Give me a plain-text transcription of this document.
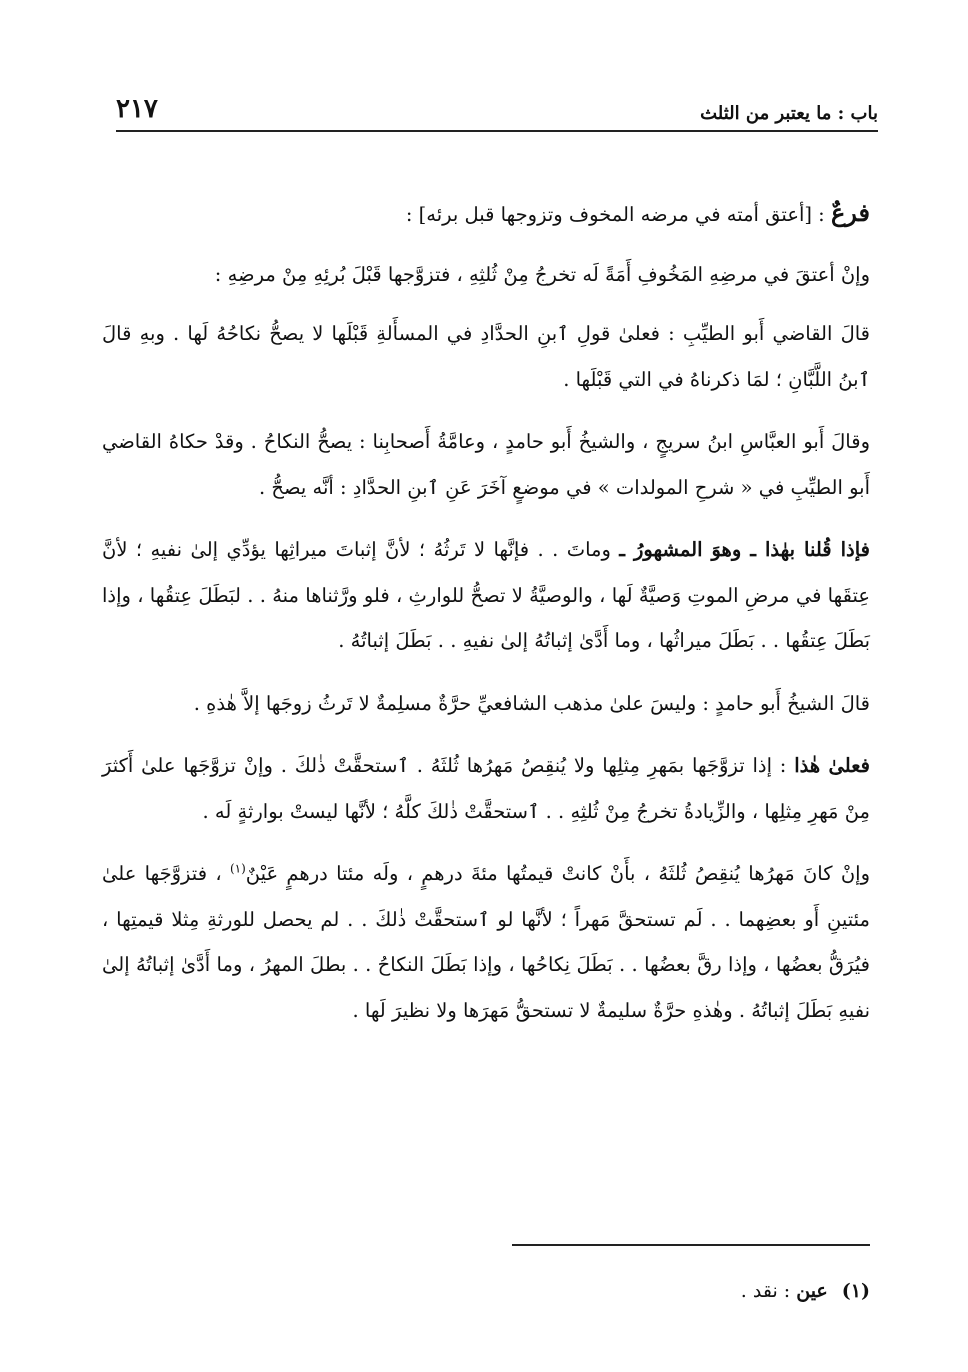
باب : ما يعتبر من الثلث
٢١٧

فرعٌ : [أعتق أمته في مرضه المخوف وتزوجها قبل برئه] :

وإنْ أعتقَ في مرضِهِ المَخُوفِ أَمَةً لَه تخرجُ مِنْ ثُلثِهِ ، فتزوَّجها قَبْلَ بُرئِهِ مِنْ مرضِهِ :

قالَ القاضي أَبو الطيِّبِ : فعلىٰ قولِ ٱبنِ الحدَّادِ في المسأَلةِ قَبْلَها لا يصحُّ نكاحُهُ لَها . وبهِ قالَ ٱبنُ اللَّبَّانِ ؛ لمَا ذكرناهُ في التي قَبْلَها .

وقالَ أَبو العبَّاسِ ابنُ سريجٍ ، والشيخُ أَبو حامدٍ ، وعامَّةُ أَصحابِنا : يصحُّ النكاحُ . وقدْ حكاهُ القاضي أَبو الطيِّبِ في « شرحِ المولدات » في موضعٍ آخَرَ عَنِ ٱبنِ الحدَّادِ : أنَّه يصحُّ .

فإذا قُلنا بهٰذا ـ وهوَ المشهورُ ـ وماتَ . . فإنَّها لا تَرثُهُ ؛ لأنَّ إثباتَ ميراثِها يؤدِّي إلىٰ نفيهِ ؛ لأنَّ عِتقَها في مرضِ الموتِ وَصيَّةٌ لَها ، والوصيَّةُ لا تصحُّ للوارثِ ، فلو ورَّثناها منهُ . . لبَطَلَ عِتقُها ، وإذا بَطَلَ عِتقُها . . بَطَلَ ميراثُها ، وما أَدَّىٰ إثباتُهُ إلىٰ نفيهِ . . بَطَلَ إثباتُهُ .

قالَ الشيخُ أَبو حامدٍ : وليسَ علىٰ مذهب الشافعيِّ حرَّةٌ مسلِمةٌ لا تَرثُ زوجَها إلاَّ هٰذهِ .

فعلىٰ هٰذا : إذا تزوَّجَها بمَهرِ مِثلِها ولا يُنقِصُ مَهرُها ثُلثَهُ . ٱستحقَّتْ ذٰلكَ . وإنْ تزوَّجَها علىٰ أَكثرَ مِنْ مَهرِ مِثلِها ، والزِّيادةُ تخرجُ مِنْ ثُلثِهِ . . ٱستحقَّتْ ذٰلكَ كلَّهُ ؛ لأنَّها ليستْ بوارثةٍ لَه .

وإنْ كانَ مَهرُها يُنقِصُ ثُلثَهُ ، بأَنْ كانتْ قيمتُها مئةَ درهمٍ ، ولَه مئتا درهمٍ عَيْنٌ$^{(١)}$ ، فتزوَّجَها علىٰ مئتينِ أَو بعضِهما . . لَم تستحقَّ مَهراً ؛ لأنَّها لو ٱستحقَّتْ ذٰلكَ . . لم يحصل للورثةِ مِثلا قيمتِها ، فيُرَقُّ بعضُها ، وإذا رقَّ بعضُها . . بَطَلَ نِكاحُها ، وإذا بَطَلَ النكاحُ . . بطلَ المهرُ ، وما أَدَّىٰ إثباتُهُ إلىٰ نفيهِ بَطَلَ إثباتُهُ . وهٰذهِ حرَّةٌ سليمةٌ لا تستحقُّ مَهرَها ولا نظيرَ لَها .

(١)عين : نقد .
